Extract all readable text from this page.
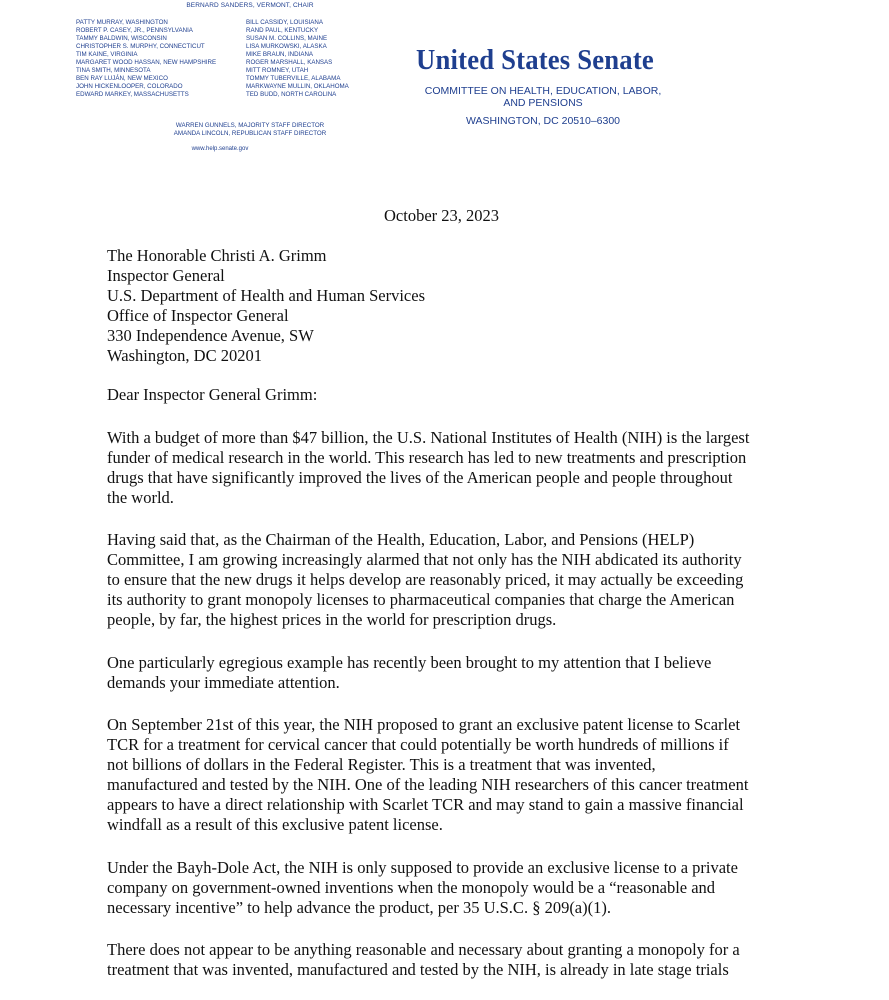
BERNARD SANDERS, VERMONT, CHAIR
PATTY MURRAY, WASHINGTON
ROBERT P. CASEY, JR., PENNSYLVANIA
TAMMY BALDWIN, WISCONSIN
CHRISTOPHER S. MURPHY, CONNECTICUT
TIM KAINE, VIRGINIA
MARGARET WOOD HASSAN, NEW HAMPSHIRE
TINA SMITH, MINNESOTA
BEN RAY LUJÁN, NEW MEXICO
JOHN HICKENLOOPER, COLORADO
EDWARD MARKEY, MASSACHUSETTS
BILL CASSIDY, LOUISIANA
RAND PAUL, KENTUCKY
SUSAN M. COLLINS, MAINE
LISA MURKOWSKI, ALASKA
MIKE BRAUN, INDIANA
ROGER MARSHALL, KANSAS
MITT ROMNEY, UTAH
TOMMY TUBERVILLE, ALABAMA
MARKWAYNE MULLIN, OKLAHOMA
TED BUDD, NORTH CAROLINA
WARREN GUNNELS, MAJORITY STAFF DIRECTOR
AMANDA LINCOLN, REPUBLICAN STAFF DIRECTOR
www.help.senate.gov
United States Senate
COMMITTEE ON HEALTH, EDUCATION, LABOR,
AND PENSIONS
WASHINGTON, DC 20510–6300
October 23, 2023
The Honorable Christi A. Grimm
Inspector General
U.S. Department of Health and Human Services
Office of Inspector General
330 Independence Avenue, SW
Washington, DC 20201
Dear Inspector General Grimm:
With a budget of more than $47 billion, the U.S. National Institutes of Health (NIH) is the largest
funder of medical research in the world. This research has led to new treatments and prescription
drugs that have significantly improved the lives of the American people and people throughout
the world.
Having said that, as the Chairman of the Health, Education, Labor, and Pensions (HELP)
Committee, I am growing increasingly alarmed that not only has the NIH abdicated its authority
to ensure that the new drugs it helps develop are reasonably priced, it may actually be exceeding
its authority to grant monopoly licenses to pharmaceutical companies that charge the American
people, by far, the highest prices in the world for prescription drugs.
One particularly egregious example has recently been brought to my attention that I believe
demands your immediate attention.
On September 21st of this year, the NIH proposed to grant an exclusive patent license to Scarlet
TCR for a treatment for cervical cancer that could potentially be worth hundreds of millions if
not billions of dollars in the Federal Register. This is a treatment that was invented,
manufactured and tested by the NIH. One of the leading NIH researchers of this cancer treatment
appears to have a direct relationship with Scarlet TCR and may stand to gain a massive financial
windfall as a result of this exclusive patent license.
Under the Bayh-Dole Act, the NIH is only supposed to provide an exclusive license to a private
company on government-owned inventions when the monopoly would be a “reasonable and
necessary incentive” to help advance the product, per 35 U.S.C. § 209(a)(1).
There does not appear to be anything reasonable and necessary about granting a monopoly for a
treatment that was invented, manufactured and tested by the NIH, is already in late stage trials
